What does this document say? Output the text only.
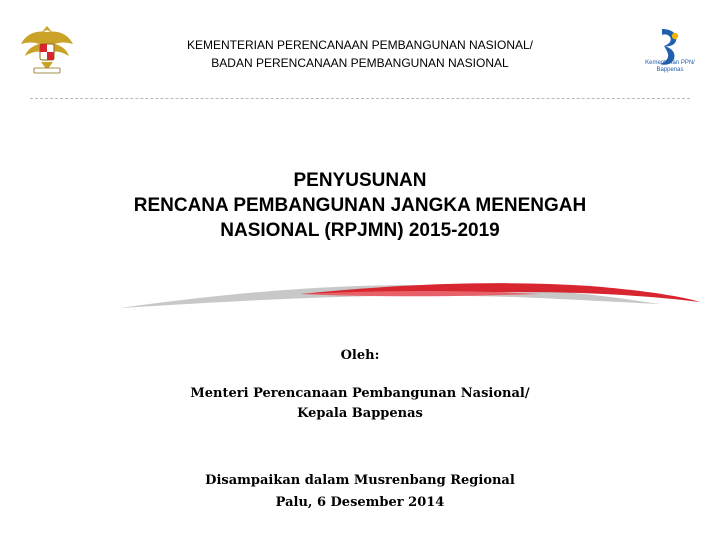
KEMENTERIAN PERENCANAAN PEMBANGUNAN NASIONAL/
BADAN PERENCANAAN PEMBANGUNAN NASIONAL	Kementerian PPN/
Bappenas
PENYUSUNAN
RENCANA PEMBANGUNAN JANGKA MENENGAH
NASIONAL (RPJMN) 2015-2019
Oleh:
Menteri Perencanaan Pembangunan Nasional/
Kepala Bappenas
Disampaikan dalam Musrenbang Regional
Palu, 6 Desember 2014
